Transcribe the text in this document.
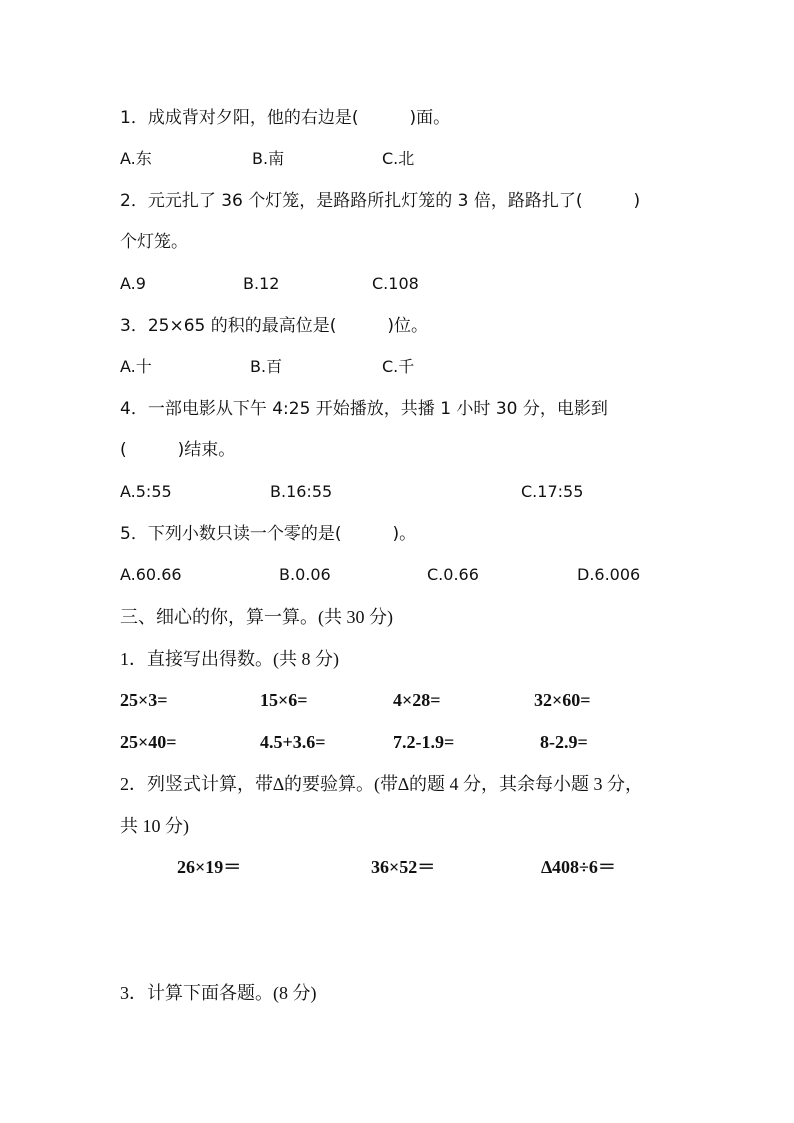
1．成成背对夕阳，他的右边是(　　　)面。
A.东	B.南	C.北
2．元元扎了 36 个灯笼，是路路所扎灯笼的 3 倍，路路扎了(　　　)
个灯笼。
A.9	B.12	C.108
3．25×65 的积的最高位是(　　　)位。
A.十	B.百	C.千
4．一部电影从下午 4:25 开始播放，共播 1 小时 30 分，电影到
(　　　)结束。
A.5:55	B.16:55	C.17:55
5．下列小数只读一个零的是(　　　)。
A.60.66	B.0.06	C.0.66	D.6.006
三、细心的你，算一算。(共 30 分)
1．直接写出得数。(共 8 分)
25×3=	15×6=	4×28=	32×60=
25×40=	4.5+3.6=	7.2-1.9=	8-2.9=
2．列竖式计算，带∆的要验算。(带∆的题 4 分，其余每小题 3 分，
共 10 分)
26×19＝	36×52＝	∆408÷6＝
3．计算下面各题。(8 分)
